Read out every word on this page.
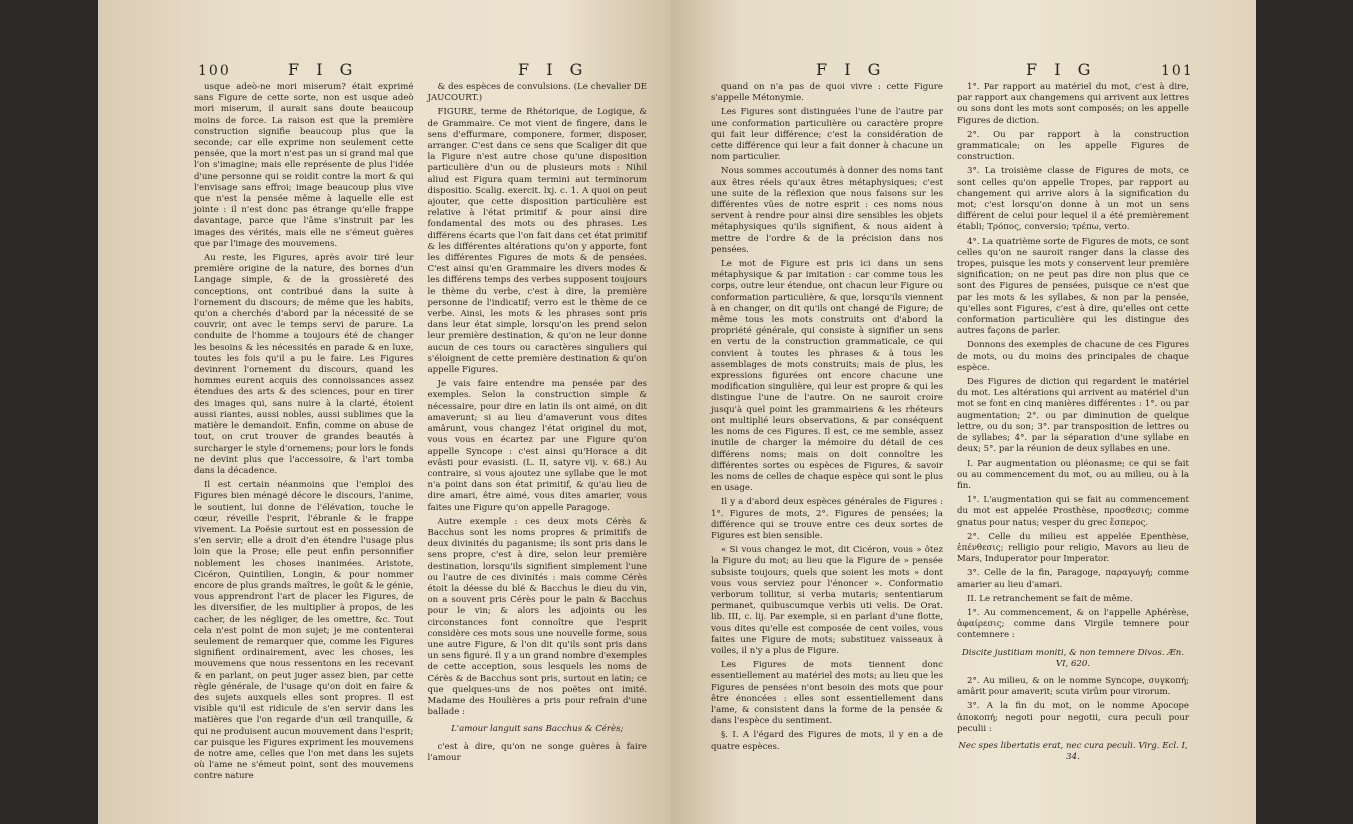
100	F I G	F I G

usque adeò-ne mori miserum? était exprimé sans Figure de cette sorte, non est usque adeò mori miserum, il aurait sans doute beaucoup moins de force. La raison est que la première construction signifie beaucoup plus que la seconde; car elle exprime non seulement cette pensée, que la mort n'est pas un si grand mal que l'on s'imagine; mais elle représente de plus l'idée d'une personne qui se roidit contre la mort & qui l'envisage sans effroi; image beaucoup plus vive que n'est la pensée même à laquelle elle est jointe : il n'est donc pas étrange qu'elle frappe davantage, parce que l'âme s'instruit par les images des vérités, mais elle ne s'émeut guères que par l'image des mouvemens.

Au reste, les Figures, après avoir tiré leur première origine de la nature, des bornes d'un Langage simple, & de la grossièreté des conceptions, ont contribué dans la suite à l'ornement du discours; de même que les habits, qu'on a cherchés d'abord par la nécessité de se couvrir, ont avec le temps servi de parure. La conduite de l'homme a toujours été de changer les besoins & les nécessités en parade & en luxe, toutes les fois qu'il a pu le faire. Les Figures devinrent l'ornement du discours, quand les hommes eurent acquis des connoissances assez étendues des arts & des sciences, pour en tirer des images qui, sans nuire à la clarté, étoient aussi riantes, aussi nobles, aussi sublimes que la matière le demandoit. Enfin, comme on abuse de tout, on crut trouver de grandes beautés à surcharger le style d'ornemens; pour lors le fonds ne devint plus que l'accessoire, & l'art tomba dans la décadence.

Il est certain néanmoins que l'emploi des Figures bien ménagé décore le discours, l'anime, le soutient, lui donne de l'élévation, touche le cœur, réveille l'esprit, l'ébranle & le frappe vivement. La Poësie surtout est en possession de s'en servir; elle a droit d'en étendre l'usage plus loin que la Prose; elle peut enfin personnifier noblement les choses inanimées. Aristote, Cicéron, Quintilien, Longin, & pour nommer encore de plus grands maîtres, le goût & le génie, vous apprendront l'art de placer les Figures, de les diversifier, de les multiplier à propos, de les cacher, de les négliger, de les omettre, &c. Tout cela n'est point de mon sujet; je me contenterai seulement de remarquer que, comme les Figures signifient ordinairement, avec les choses, les mouvemens que nous ressentons en les recevant & en parlant, on peut juger assez bien, par cette règle générale, de l'usage qu'on doit en faire & des sujets auxquels elles sont propres. Il est visible qu'il est ridicule de s'en servir dans les matières que l'on regarde d'un œil tranquille, & qui ne produisent aucun mouvement dans l'esprit; car puisque les Figures expriment les mouvemens de notre ame, celles que l'on met dans les sujets où l'ame ne s'émeut point, sont des mouvemens contre nature

& des espèces de convulsions. (Le chevalier DE JAUCOURT.)

FIGURE, terme de Rhétorique, de Logique, & de Grammaire. Ce mot vient de fingere, dans le sens d'effurmare, componere, former, disposer, arranger. C'est dans ce sens que Scaliger dit que la Figure n'est autre chose qu'une disposition particulière d'un ou de plusieurs mots : Nihil aliud est Figura quam termini aut terminorum dispositio. Scalig. exercit. lxj. c. 1. A quoi on peut ajouter, que cette disposition particulière est relative à l'état primitif & pour ainsi dire fondamental des mots ou des phrases. Les différens écarts que l'on fait dans cet état primitif & les différentes altérations qu'on y apporte, font les différentes Figures de mots & de pensées. C'est ainsi qu'en Grammaire les divers modes & les différens temps des verbes supposent toujours le thème du verbe, c'est à dire, la première personne de l'indicatif; verro est le thème de ce verbe. Ainsi, les mots & les phrases sont pris dans leur état simple, lorsqu'on les prend selon leur première destination, & qu'on ne leur donne aucun de ces tours ou caractères singuliers qui s'éloignent de cette première destination & qu'on appelle Figures.

Je vais faire entendre ma pensée par des exemples. Selon la construction simple & nécessaire, pour dire en latin ils ont aimé, on dit amaverunt; si au lieu d'amaverunt vous dites amârunt, vous changez l'état originel du mot, vous vous en écartez par une Figure qu'on appelle Syncope : c'est ainsi qu'Horace a dit evâsti pour evasisti. (L. II, satyre vij. v. 68.) Au contraire, si vous ajoutez une syllabe que le mot n'a point dans son état primitif, & qu'au lieu de dire amari, être aimé, vous dites amarier, vous faites une Figure qu'on appelle Paragoge.

Autre exemple : ces deux mots Cérès & Bacchus sont les noms propres & primitifs de deux divinités du paganisme; ils sont pris dans le sens propre, c'est à dire, selon leur première destination, lorsqu'ils signifient simplement l'une ou l'autre de ces divinités : mais comme Cérès étoit la déesse du blé & Bacchus le dieu du vin, on a souvent pris Cérès pour le pain & Bacchus pour le vin; & alors les adjoints ou les circonstances font connoître que l'esprit considère ces mots sous une nouvelle forme, sous une autre Figure, & l'on dit qu'ils sont pris dans un sens figuré. Il y a un grand nombre d'exemples de cette acception, sous lesquels les noms de Cérès & de Bacchus sont pris, surtout en latin; ce que quelques-uns de nos poëtes ont imité. Madame des Houlières a pris pour refrain d'une ballade :

L'amour languit sans Bacchus & Cérès;

c'est à dire, qu'on ne songe guères à faire l'amour

F I G	F I G	101

quand on n'a pas de quoi vivre : cette Figure s'appelle Métonymie.

Les Figures sont distinguées l'une de l'autre par une conformation particulière ou caractère propre qui fait leur différence; c'est la considération de cette différence qui leur a fait donner à chacune un nom particulier.

Nous sommes accoutumés à donner des noms tant aux êtres réels qu'aux êtres métaphysiques; c'est une suite de la réflexion que nous faisons sur les différentes vûes de notre esprit : ces noms nous servent à rendre pour ainsi dire sensibles les objets métaphysiques qu'ils signifient, & nous aident à mettre de l'ordre & de la précision dans nos pensées.

Le mot de Figure est pris ici dans un sens métaphysique & par imitation : car comme tous les corps, outre leur étendue, ont chacun leur Figure ou conformation particulière, & que, lorsqu'ils viennent à en changer, on dit qu'ils ont changé de Figure; de même tous les mots construits ont d'abord la propriété générale, qui consiste à signifier un sens en vertu de la construction grammaticale, ce qui convient à toutes les phrases & à tous les assemblages de mots construits; mais de plus, les expressions figurées ont encore chacune une modification singulière, qui leur est propre & qui les distingue l'une de l'autre. On ne sauroit croire jusqu'à quel point les grammairiens & les rhéteurs ont multiplié leurs observations, & par conséquent les noms de ces Figures. Il est, ce me semble, assez inutile de charger la mémoire du détail de ces différens noms; mais on doit connoître les différentes sortes ou espèces de Figures, & savoir les noms de celles de chaque espèce qui sont le plus en usage.

Il y a d'abord deux espèces générales de Figures : 1°. Figures de mots, 2°. Figures de pensées; la différence qui se trouve entre ces deux sortes de Figures est bien sensible.

« Si vous changez le mot, dit Cicéron, vous » ôtez la Figure du mot; au lieu que la Figure de » pensée subsiste toujours, quels que soient les mots » dont vous vous serviez pour l'énoncer ». Conformatio verborum tollitur, si verba mutaris; sententiarum permanet, quibuscumque verbis uti velis. De Orat. lib. III, c. lij. Par exemple, si en parlant d'une flotte, vous dites qu'elle est composée de cent voiles, vous faites une Figure de mots; substituez vaisseaux à voiles, il n'y a plus de Figure.

Les Figures de mots tiennent donc essentiellement au matériel des mots; au lieu que les Figures de pensées n'ont besoin des mots que pour être énoncées : elles sont essentiellement dans l'ame, & consistent dans la forme de la pensée & dans l'espèce du sentiment.

§. I. A l'égard des Figures de mots, il y en a de quatre espèces.

1°. Par rapport au matériel du mot, c'est à dire, par rapport aux changemens qui arrivent aux lettres ou sons dont les mots sont composés; on les appelle Figures de diction.

2°. Ou par rapport à la construction grammaticale; on les appelle Figures de construction.

3°. La troisième classe de Figures de mots, ce sont celles qu'on appelle Tropes, par rapport au changement qui arrive alors à la signification du mot; c'est lorsqu'on donne à un mot un sens différent de celui pour lequel il a été premièrement établi; Τρόπος, conversio; τρέπω, verto.

4°. La quatrième sorte de Figures de mots, ce sont celles qu'on ne sauroit ranger dans la classe des tropes, puisque les mots y conservent leur première signification; on ne peut pas dire non plus que ce sont des Figures de pensées, puisque ce n'est que par les mots & les syllabes, & non par la pensée, qu'elles sont Figures, c'est à dire, qu'elles ont cette conformation particulière qui les distingue des autres façons de parler.

Donnons des exemples de chacune de ces Figures de mots, ou du moins des principales de chaque espèce.

Des Figures de diction qui regardent le matériel du mot. Les altérations qui arrivent au matériel d'un mot se font en cinq manières différentes : 1°. ou par augmentation; 2°. ou par diminution de quelque lettre, ou du son; 3°. par transposition de lettres ou de syllabes; 4°. par la séparation d'une syllabe en deux; 5°. par la réunion de deux syllabes en une.

I. Par augmentation ou pléonasme; ce qui se fait ou au commencement du mot, ou au milieu, ou à la fin.

1°. L'augmentation qui se fait au commencement du mot est appelée Prosthèse, προσθεσις; comme gnatus pour natus; vesper du grec ἕσπερος.

2°. Celle du milieu est appelée Epenthèse, ἐπένθεσις; relligio pour religio, Mavors au lieu de Mars, Induperator pour Imperator.

3°. Celle de la fin, Paragoge, παραγωγή; comme amarier au lieu d'amari.

II. Le retranchement se fait de même.

1°. Au commencement, & on l'appelle Aphérèse, ἀφαίρεσις; comme dans Virgile temnere pour contemnere :

Discite justitiam moniti, & non temnere Divos. Æn. VI, 620.

2°. Au milieu, & on le nomme Syncope, συγκοπή; amârit pour amaverit; scuta virûm pour virorum.

3°. A la fin du mot, on le nomme Apocope ἀποκοπή; negoti pour negotii, cura peculi pour peculii :

Nec spes libertatis erat, nec cura peculi. Virg. Ecl. I, 34.
